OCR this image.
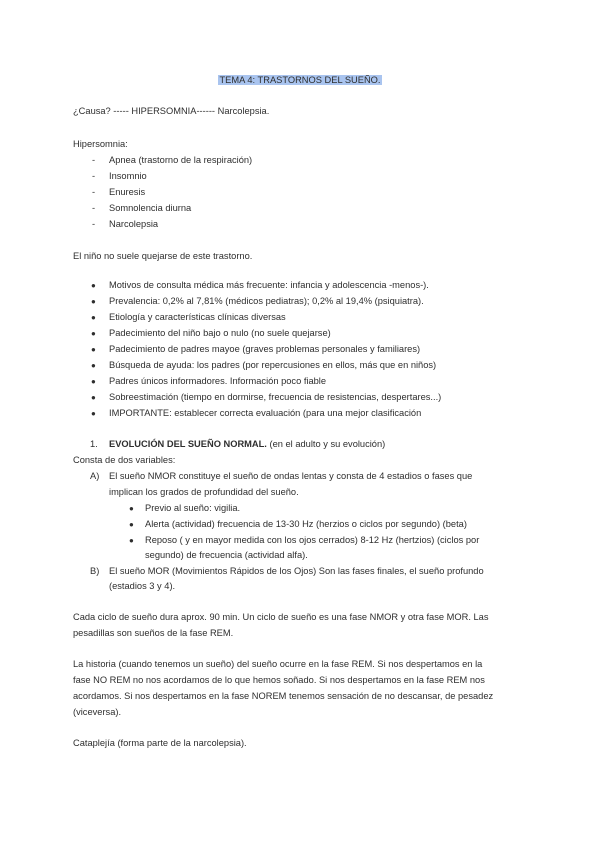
TEMA 4: TRASTORNOS DEL SUEÑO.
¿Causa? ----- HIPERSOMNIA------ Narcolepsia.
Hipersomnia:
- Apnea (trastorno de la respiración)
- Insomnio
- Enuresis
- Somnolencia diurna
- Narcolepsia
El niño no suele quejarse de este trastorno.
● Motivos de consulta médica más frecuente: infancia y adolescencia -menos-).
● Prevalencia: 0,2% al 7,81% (médicos pediatras); 0,2% al 19,4% (psiquiatra).
● Etiología y características clínicas diversas
● Padecimiento del niño bajo o nulo (no suele quejarse)
● Padecimiento de padres mayoe (graves problemas personales y familiares)
● Búsqueda de ayuda: los padres (por repercusiones en ellos, más que en niños)
● Padres únicos informadores. Información poco fiable
● Sobreestimación (tiempo en dormirse, frecuencia de resistencias, despertares...)
● IMPORTANTE: establecer correcta evaluación (para una mejor clasificación
1. EVOLUCIÓN DEL SUEÑO NORMAL. (en el adulto y su evolución)
Consta de dos variables:
A) El sueño NMOR constituye el sueño de ondas lentas y consta de 4 estadios o fases que
implican los grados de profundidad del sueño.
● Previo al sueño: vigilia.
● Alerta (actividad) frecuencia de 13-30 Hz (herzios o ciclos por segundo) (beta)
● Reposo ( y en mayor medida con los ojos cerrados) 8-12 Hz (hertzios) (ciclos por
segundo) de frecuencia (actividad alfa).
B) El sueño MOR (Movimientos Rápidos de los Ojos) Son las fases finales, el sueño profundo
(estadios 3 y 4).
Cada ciclo de sueño dura aprox. 90 min. Un ciclo de sueño es una fase NMOR y otra fase MOR. Las
pesadillas son sueños de la fase REM.
La historia (cuando tenemos un sueño) del sueño ocurre en la fase REM. Si nos despertamos en la
fase NO REM no nos acordamos de lo que hemos soñado. Si nos despertamos en la fase REM nos
acordamos. Si nos despertamos en la fase NOREM tenemos sensación de no descansar, de pesadez
(viceversa).
Cataplejía (forma parte de la narcolepsia).
